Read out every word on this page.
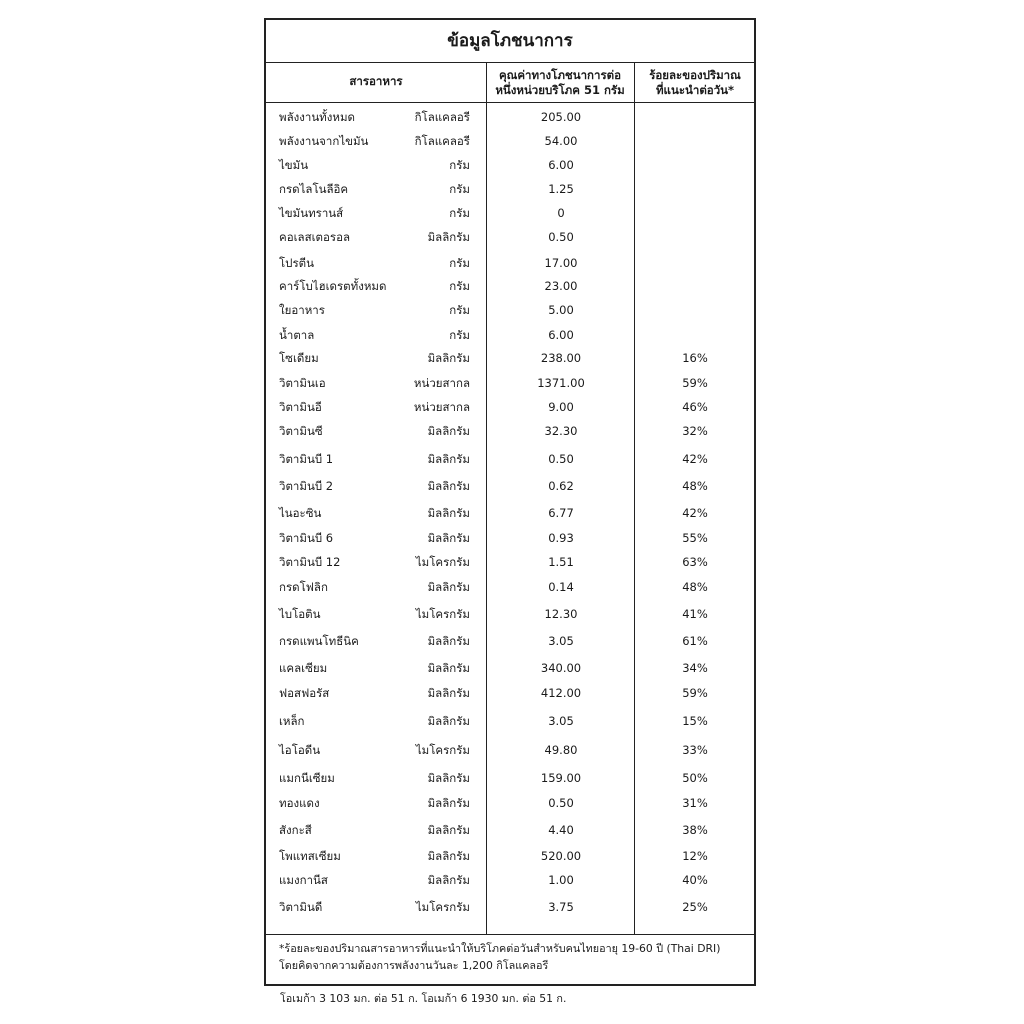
ข้อมูลโภชนาการ
สารอาหาร	คุณค่าทางโภชนาการต่อ
หนึ่งหน่วยบริโภค 51 กรัม
ร้อยละของปริมาณ
ที่แนะนำต่อวัน*
พลังงานทั้งหมด	กิโลแคลอรี	205.00
พลังงานจากไขมัน	กิโลแคลอรี	54.00
ไขมัน	กรัม	6.00
กรดไลโนลีอิค	กรัม	1.25
ไขมันทรานส์	กรัม	0
คอเลสเตอรอล	มิลลิกรัม	0.50
โปรตีน	กรัม	17.00
คาร์โบไฮเดรตทั้งหมด	กรัม	23.00
ใยอาหาร	กรัม	5.00
น้ำตาล	กรัม	6.00
โซเดียม	มิลลิกรัม	238.00	16%
วิตามินเอ	หน่วยสากล	1371.00	59%
วิตามินอี	หน่วยสากล	9.00	46%
วิตามินซี	มิลลิกรัม	32.30	32%
วิตามินบี 1	มิลลิกรัม	0.50	42%
วิตามินบี 2	มิลลิกรัม	0.62	48%
ไนอะซิน	มิลลิกรัม	6.77	42%
วิตามินบี 6	มิลลิกรัม	0.93	55%
วิตามินบี 12	ไมโครกรัม	1.51	63%
กรดโฟลิก	มิลลิกรัม	0.14	48%
ไบโอติน	ไมโครกรัม	12.30	41%
กรดแพนโทธีนิค	มิลลิกรัม	3.05	61%
แคลเซียม	มิลลิกรัม	340.00	34%
ฟอสฟอรัส	มิลลิกรัม	412.00	59%
เหล็ก	มิลลิกรัม	3.05	15%
ไอโอดีน	ไมโครกรัม	49.80	33%
แมกนีเซียม	มิลลิกรัม	159.00	50%
ทองแดง	มิลลิกรัม	0.50	31%
สังกะสี	มิลลิกรัม	4.40	38%
โพแทสเซียม	มิลลิกรัม	520.00	12%
แมงกานีส	มิลลิกรัม	1.00	40%
วิตามินดี	ไมโครกรัม	3.75	25%
*ร้อยละของปริมาณสารอาหารที่แนะนำให้บริโภคต่อวันสำหรับคนไทยอายุ 19-60 ปี (Thai DRI)
โดยคิดจากความต้องการพลังงานวันละ 1,200 กิโลแคลอรี
โอเมก้า 3 103 มก. ต่อ 51 ก. โอเมก้า 6 1930 มก. ต่อ 51 ก.
